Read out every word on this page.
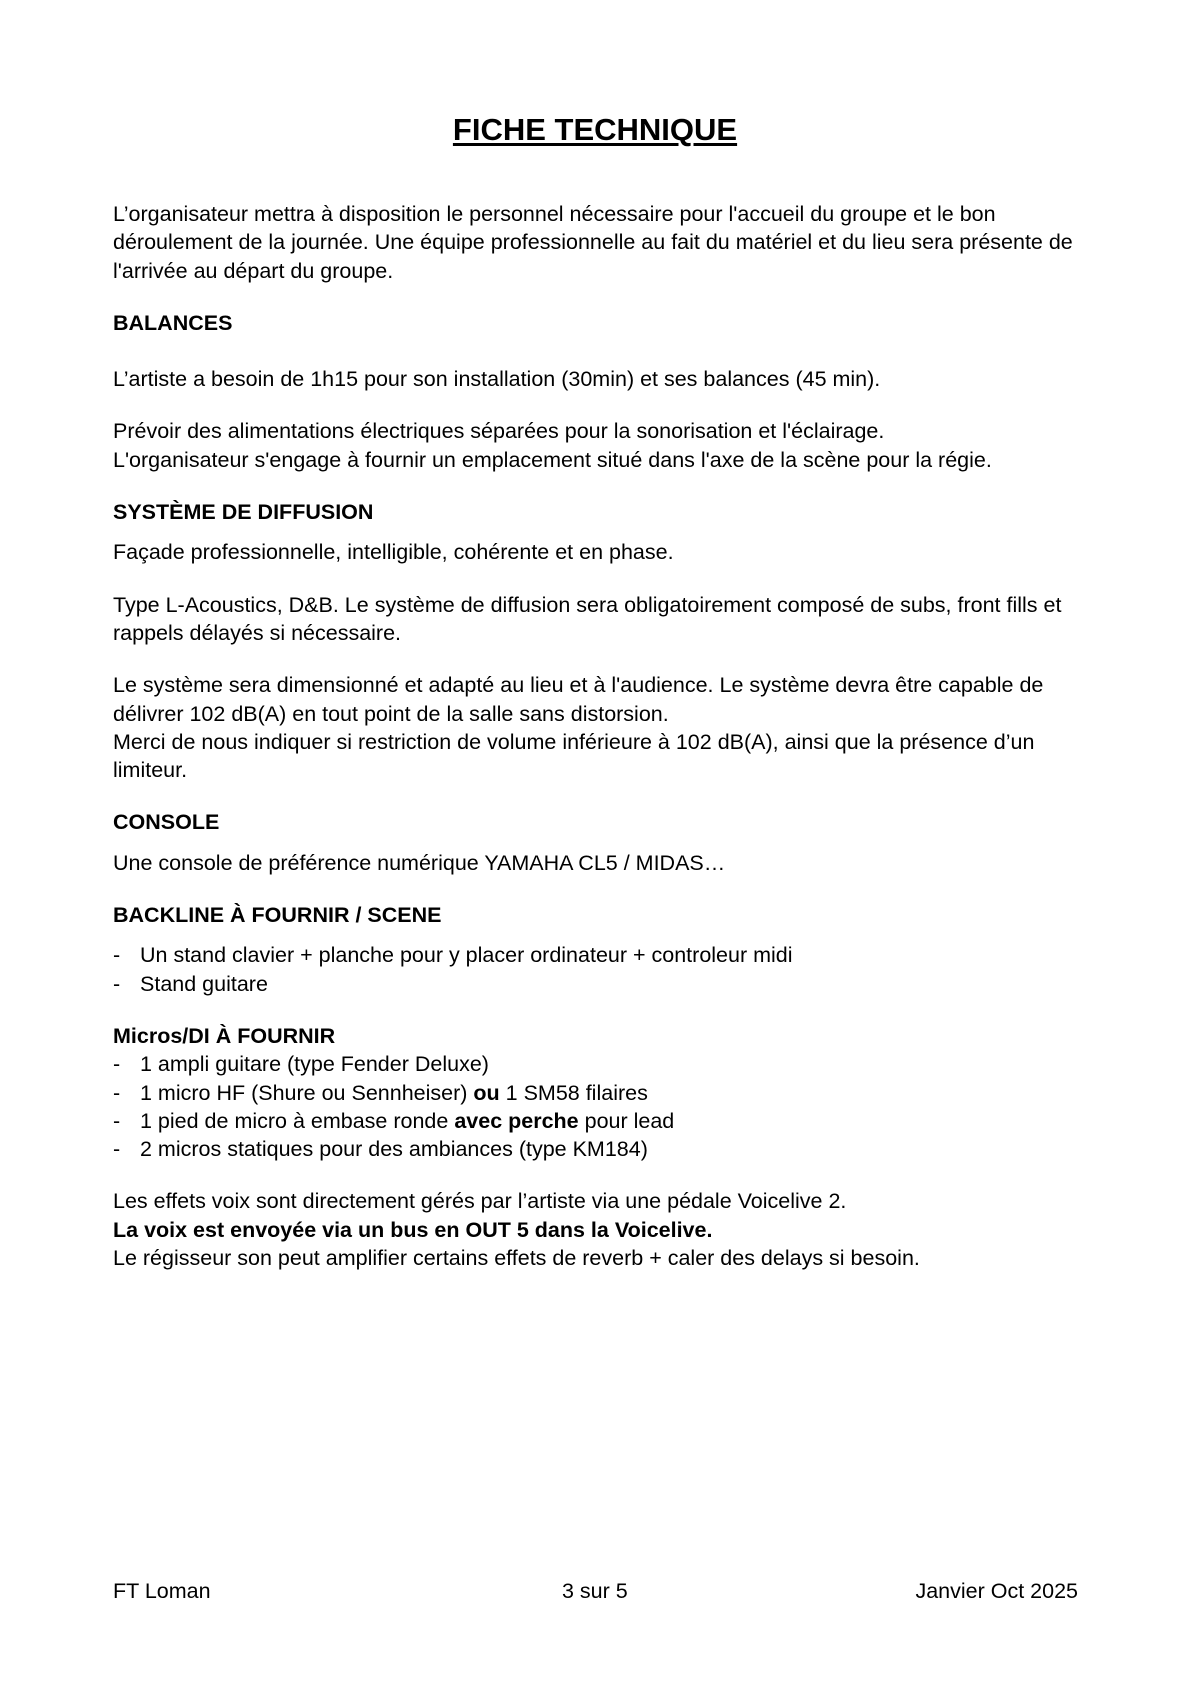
FICHE TECHNIQUE

L’organisateur mettra à disposition le personnel nécessaire pour l'accueil du groupe et le bon déroulement de la journée. Une équipe professionnelle au fait du matériel et du lieu sera présente de l'arrivée au départ du groupe.

BALANCES

L’artiste a besoin de 1h15 pour son installation (30min) et ses balances (45 min).

Prévoir des alimentations électriques séparées pour la sonorisation et l'éclairage.

L'organisateur s'engage à fournir un emplacement situé dans l'axe de la scène pour la régie.

SYSTÈME DE DIFFUSION

Façade professionnelle, intelligible, cohérente et en phase.

Type L-Acoustics, D&B. Le système de diffusion sera obligatoirement composé de subs, front fills et rappels délayés si nécessaire.

Le système sera dimensionné et adapté au lieu et à l'audience. Le système devra être capable de délivrer 102 dB(A) en tout point de la salle sans distorsion.

Merci de nous indiquer si restriction de volume inférieure à 102 dB(A), ainsi que la présence d’un limiteur.

CONSOLE

Une console de préférence numérique YAMAHA CL5 / MIDAS…

BACKLINE À FOURNIR / SCENE

- Un stand clavier + planche pour y placer ordinateur + controleur midi
- Stand guitare

Micros/DI À FOURNIR

- 1 ampli guitare (type Fender Deluxe)
- 1 micro HF (Shure ou Sennheiser) ou 1 SM58 filaires
- 1 pied de micro à embase ronde avec perche pour lead
- 2 micros statiques pour des ambiances (type KM184)

Les effets voix sont directement gérés par l’artiste via une pédale Voicelive 2.

La voix est envoyée via un bus en OUT 5 dans la Voicelive.

Le régisseur son peut amplifier certains effets de reverb + caler des delays si besoin.

FT Loman	3 sur 5	Janvier Oct 2025
